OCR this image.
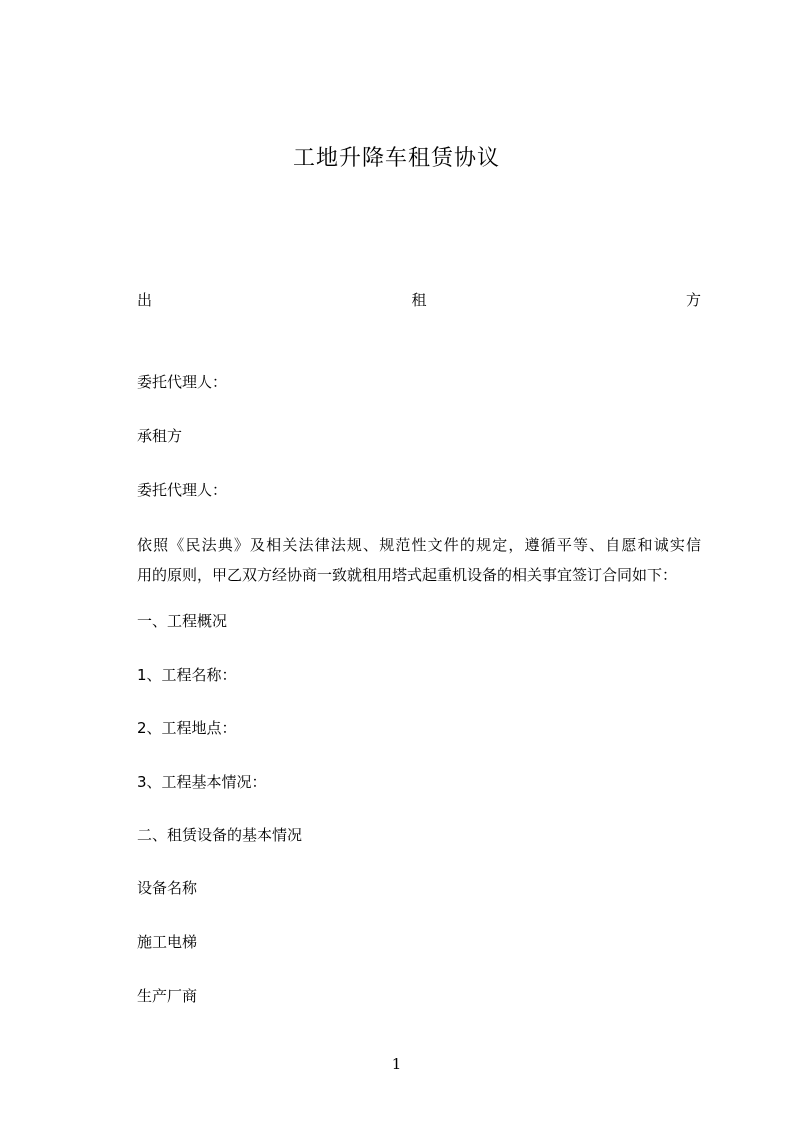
工地升降车租赁协议
出	租	方
委托代理人：
承租方
委托代理人：
依照《民法典》及相关法律法规、规范性文件的规定，遵循平等、自愿和诚实信
用的原则，甲乙双方经协商一致就租用塔式起重机设备的相关事宜签订合同如下：
一、工程概况
1、工程名称：
2、工程地点：
3、工程基本情况：
二、租赁设备的基本情况
设备名称
施工电梯
生产厂商
1
